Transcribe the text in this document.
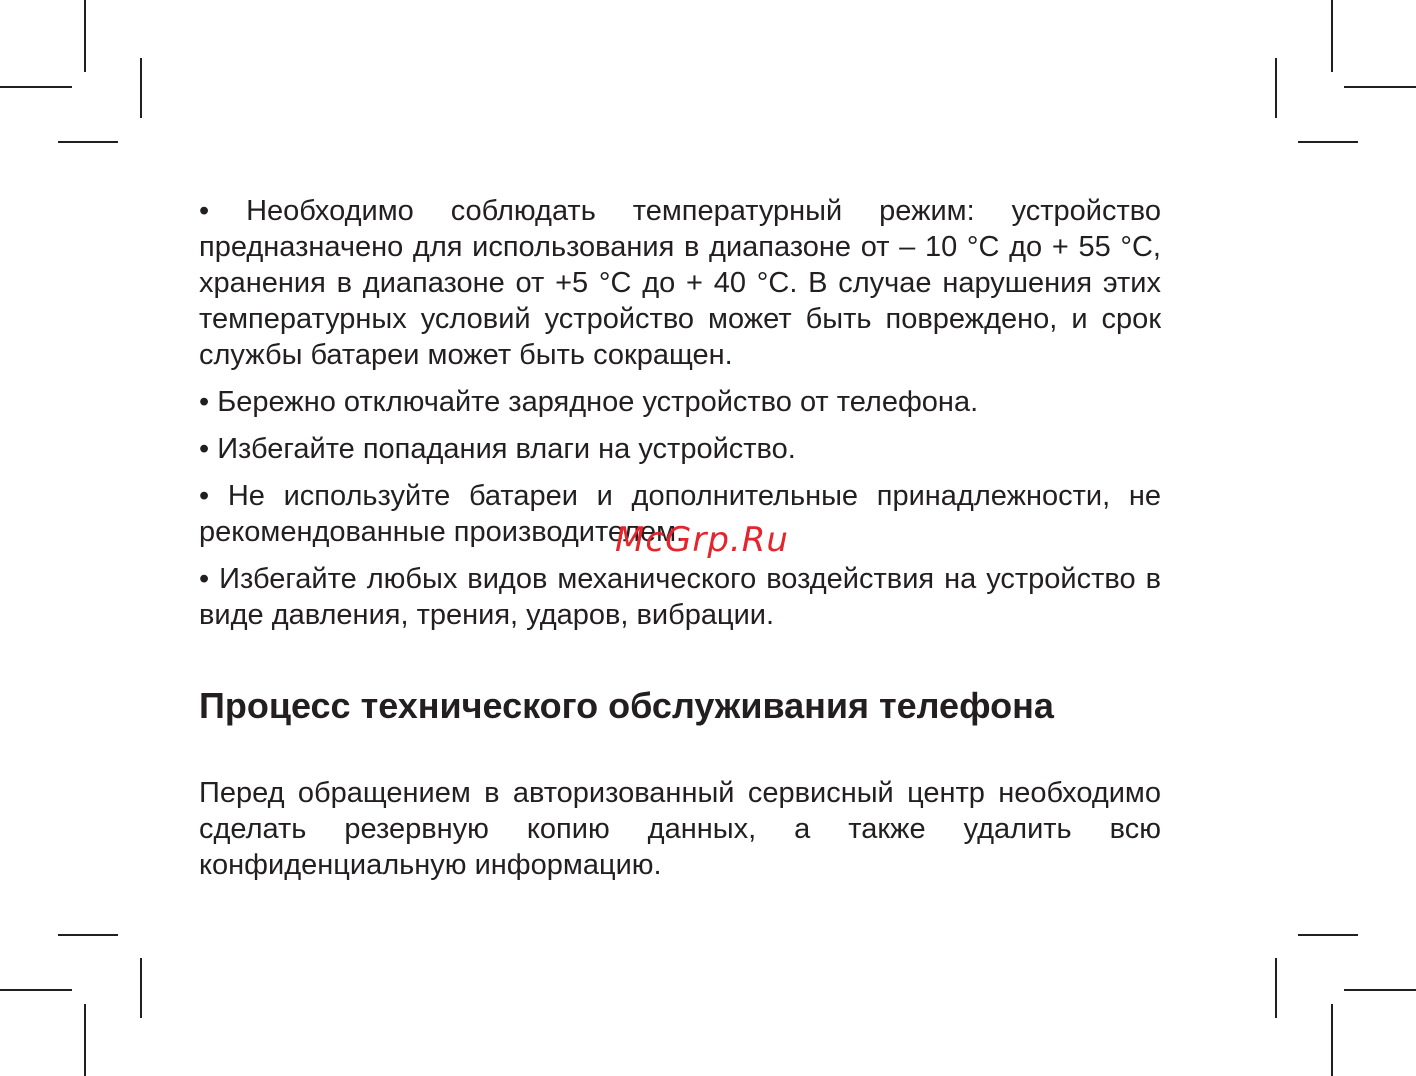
• Необходимо соблюдать температурный режим: устройство предназначено для использования в диапазоне от – 10 °С до + 55 °С, хранения в диапазоне от +5 °С до + 40 °С. В случае нарушения этих температурных условий устройство может быть повреждено, и срок службы батареи может быть сокращен.

• Бережно отключайте зарядное устройство от телефона.

• Избегайте попадания влаги на устройство.

• Не используйте батареи и дополнительные принадлежности, не рекомендованные производителем.

• Избегайте любых видов механического воздействия на устройство в виде давления, трения, ударов, вибрации.

McGrp.Ru
Процесс технического обслуживания телефона

Перед обращением в авторизованный сервисный центр необходимо сделать резервную копию данных, а также удалить всю конфиденциальную информацию.
